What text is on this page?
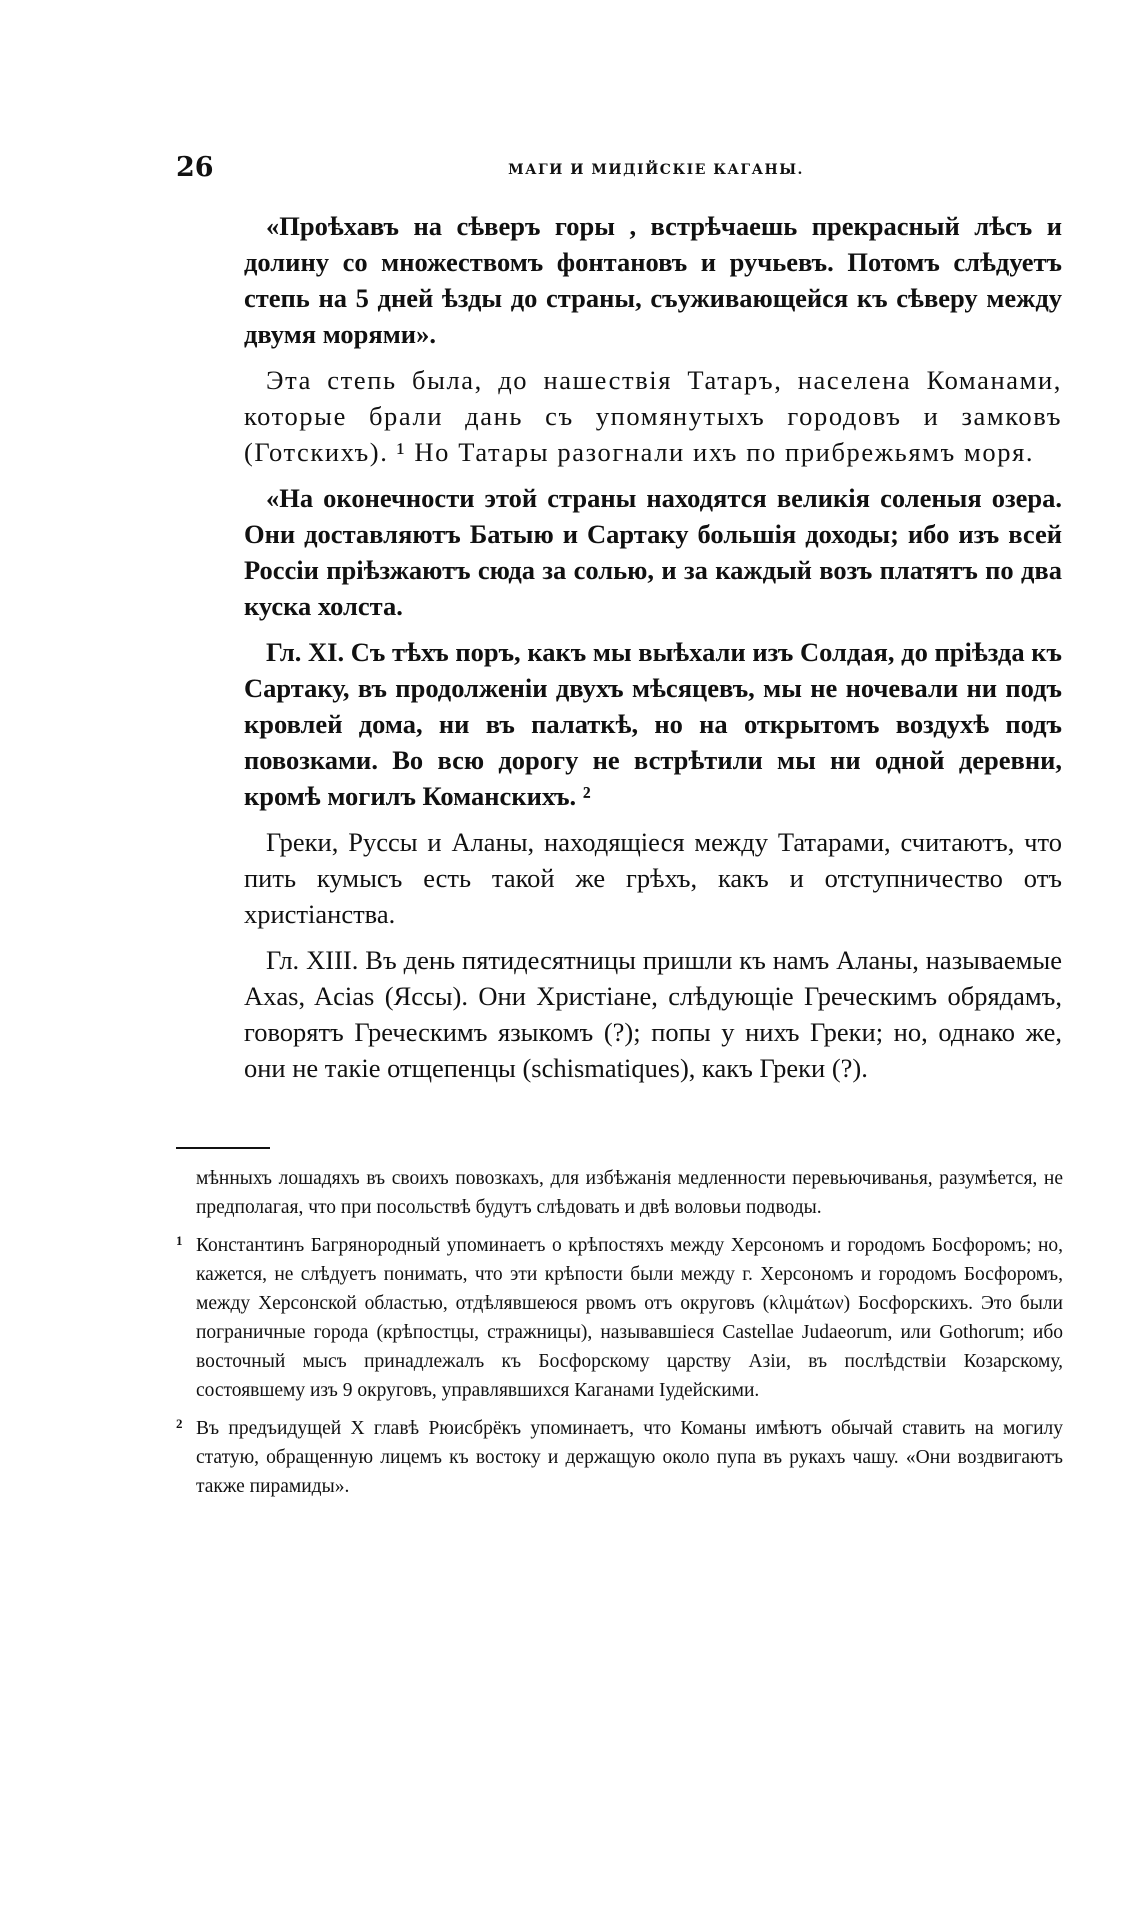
26	МАГИ И МИДІЙСКІЕ КАГАНЫ.

«Проѣхавъ на сѣверъ горы , встрѣчаешь прекрасный лѣсъ и долину со множествомъ фонтановъ и ручьевъ. Потомъ слѣдуетъ степь на 5 дней ѣзды до страны, съуживающейся къ сѣверу между двумя морями».

Эта степь была, до нашествія Татаръ, населена Команами, которые брали дань съ упомянутыхъ городовъ и замковъ (Готскихъ). ¹ Но Татары разогнали ихъ по прибрежьямъ моря.

«На оконечности этой страны находятся великія соленыя озера. Они доставляютъ Батыю и Сартаку большія доходы; ибо изъ всей Россіи пріѣзжаютъ сюда за солью, и за каждый возъ платятъ по два куска холста.

Гл. XI. Съ тѣхъ поръ, какъ мы выѣхали изъ Солдая, до пріѣзда къ Сартаку, въ продолженіи двухъ мѣсяцевъ, мы не ночевали ни подъ кровлей дома, ни въ палаткѣ, но на открытомъ воздухѣ подъ повозками. Во всю дорогу не встрѣтили мы ни одной деревни, кромѣ могилъ Команскихъ. ²

Греки, Руссы и Аланы, находящіеся между Татарами, считаютъ, что пить кумысъ есть такой же грѣхъ, какъ и отступничество отъ христіанства.

Гл. XIII. Въ день пятидесятницы пришли къ намъ Аланы, называемые Axas, Acias (Яссы). Они Христіане, слѣдующіе Греческимъ обрядамъ, говорятъ Греческимъ языкомъ (?); попы у нихъ Греки; но, однако же, они не такіе отщепенцы (schismatiques), какъ Греки (?).

мѣнныхъ лошадяхъ въ своихъ повозкахъ, для избѣжанія медленности перевьючиванья, разумѣется, не предполагая, что при посольствѣ будутъ слѣдовать и двѣ воловьи подводы.

1 Константинъ Багрянородный упоминаетъ о крѣпостяхъ между Херсономъ и городомъ Босфоромъ; но, кажется, не слѣдуетъ понимать, что эти крѣпости были между г. Херсономъ и городомъ Босфоромъ, между Херсонской областью, отдѣлявшеюся рвомъ отъ округовъ (κλιμάτων) Босфорскихъ. Это были пограничные города (крѣпостцы, стражницы), называвшіеся Castellae Judaeorum, или Gothorum; ибо восточный мысъ принадлежалъ къ Босфорскому царству Азіи, въ послѣдствіи Козарскому, состоявшему изъ 9 округовъ, управлявшихся Каганами Іудейскими.

2 Въ предъидущей X главѣ Рюисбрёкъ упоминаетъ, что Команы имѣютъ обычай ставить на могилу статую, обращенную лицемъ къ востоку и держащую около пупа въ рукахъ чашу. «Они воздвигаютъ также пирамиды».
